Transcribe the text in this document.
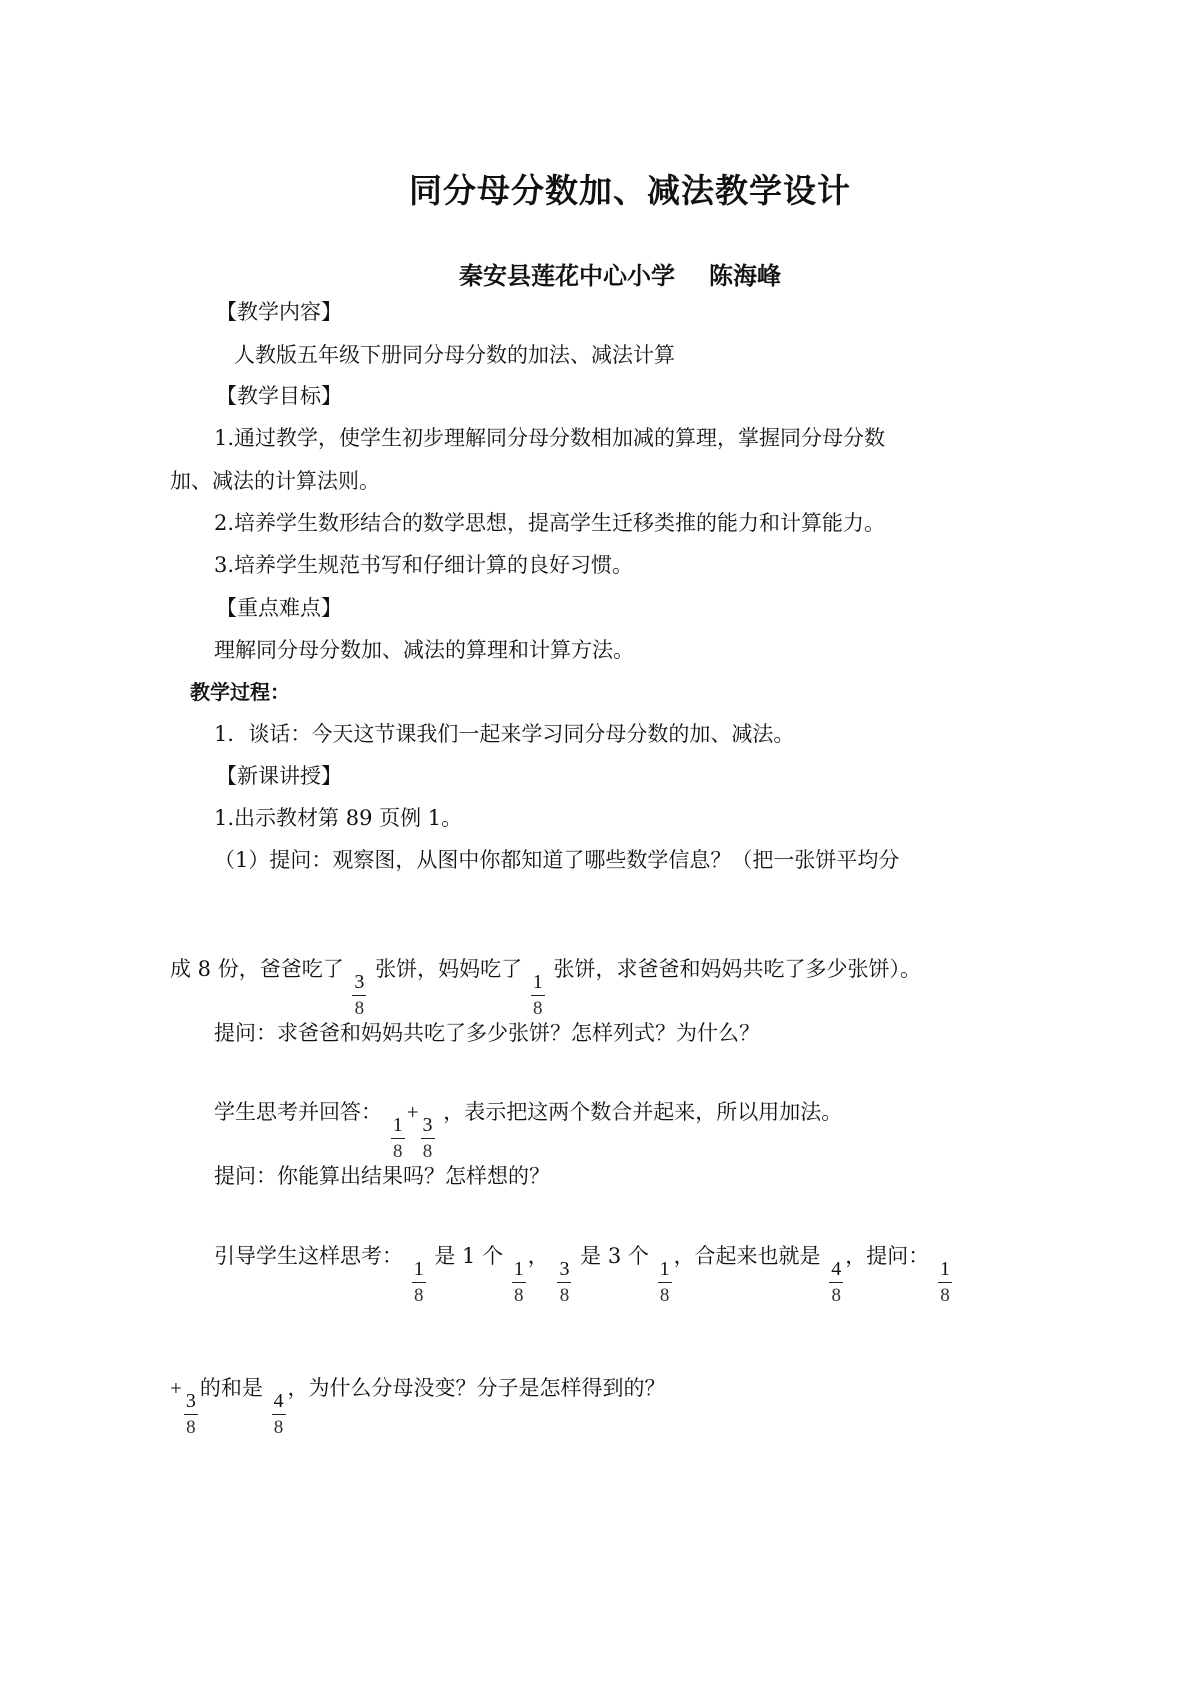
同分母分数加、减法教学设计
秦安县莲花中心小学 陈海峰
【教学内容】
人教版五年级下册同分母分数的加法、减法计算
【教学目标】
1.通过教学，使学生初步理解同分母分数相加减的算理，掌握同分母分数
加、减法的计算法则。
2.培养学生数形结合的数学思想，提高学生迁移类推的能力和计算能力。
3.培养学生规范书写和仔细计算的良好习惯。
【重点难点】
理解同分母分数加、减法的算理和计算方法。
教学过程：
1．谈话：今天这节课我们一起来学习同分母分数的加、减法。
【新课讲授】
1.出示教材第 89 页例 1。
（1）提问：观察图，从图中你都知道了哪些数学信息？（把一张饼平均分
成 8 份，爸爸吃了
$\frac{3}{8}$
张饼，妈妈吃了
$\frac{1}{8}$
张饼，求爸爸和妈妈共吃了多少张饼）。
提问：求爸爸和妈妈共吃了多少张饼？怎样列式？为什么？
学生思考并回答：
$\frac{1}{8}$
+
$\frac{3}{8}$
，表示把这两个数合并起来，所以用加法。
提问：你能算出结果吗？怎样想的？
引导学生这样思考：
$\frac{1}{8}$
是 1 个
$\frac{1}{8}$
，
$\frac{3}{8}$
是 3 个
$\frac{1}{8}$
，合起来也就是
$\frac{4}{8}$
，提问：
$\frac{1}{8}$
+
$\frac{3}{8}$
的和是
$\frac{4}{8}$
，为什么分母没变？分子是怎样得到的？
